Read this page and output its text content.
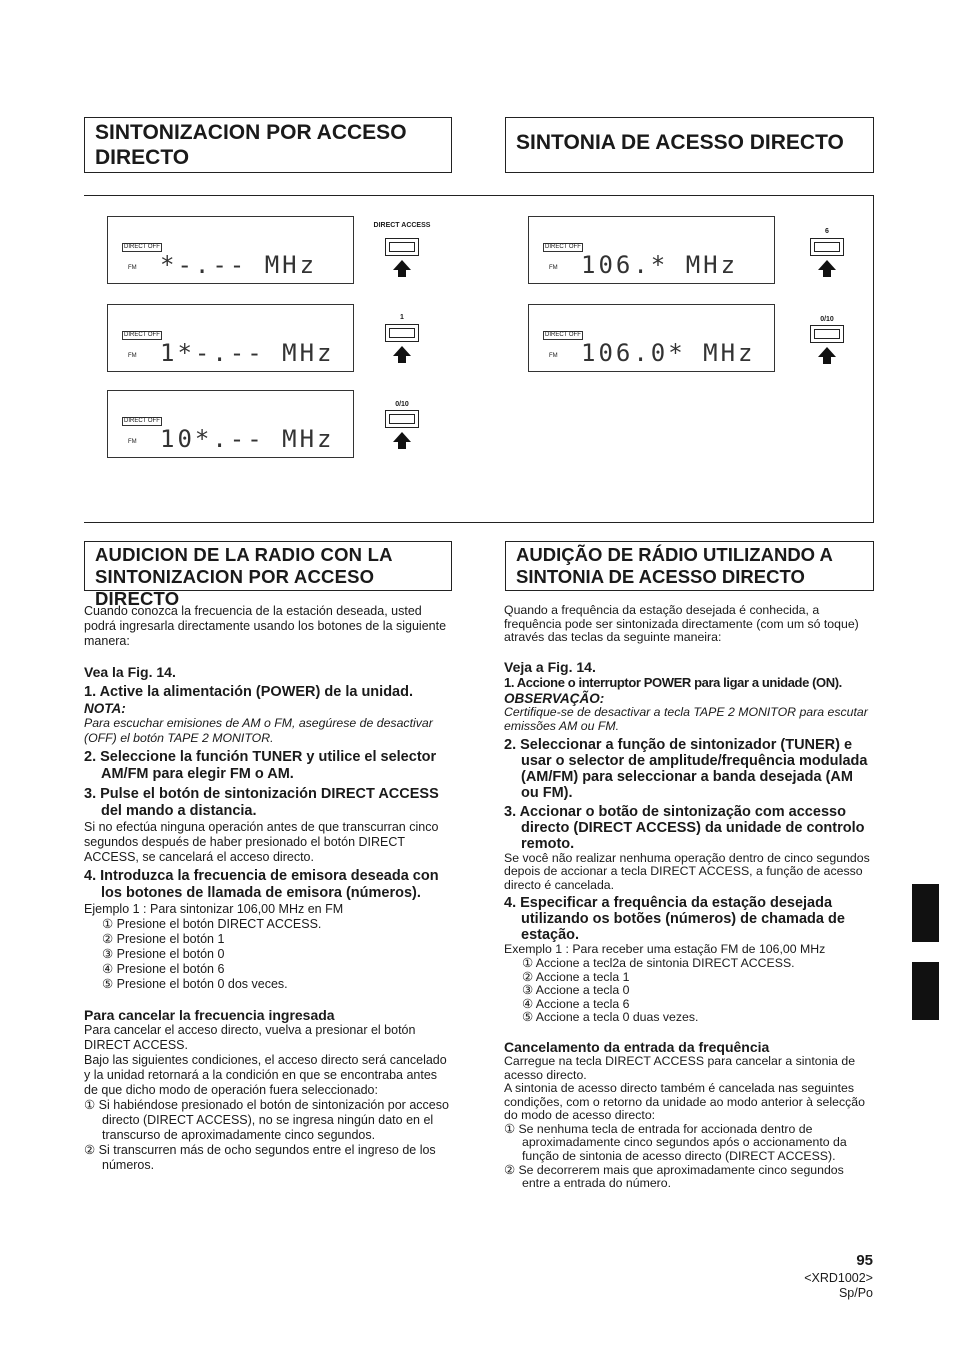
SINTONIZACION POR ACCESO DIRECTO
SINTONIA DE ACESSO DIRECTO
DIRECT OFF
FM *-.-- MHz
DIRECT ACCESS
DIRECT OFF
FM 1*-.-- MHz
1
DIRECT OFF
FM 10*.-- MHz
0/10
DIRECT OFF
FM 106.* MHz
6
DIRECT OFF
FM 106.0* MHz
0/10
AUDICION DE LA RADIO CON LA SINTONIZACION POR ACCESO DIRECTO
AUDIÇÃO DE RÁDIO UTILIZANDO A SINTONIA DE ACESSO DIRECTO

Cuando conozca la frecuencia de la estación deseada, usted podrá ingresarla directamente usando los botones de la siguiente manera:

Vea la Fig. 14.

1. Active la alimentación (POWER) de la unidad.

NOTA:

Para escuchar emisiones de AM o FM, asegúrese de desactivar (OFF) el botón TAPE 2 MONITOR.

2. Seleccione la función TUNER y utilice el selector AM/FM para elegir FM o AM.

3. Pulse el botón de sintonización DIRECT ACCESS del mando a distancia.

Si no efectúa ninguna operación antes de que transcurran cinco segundos después de haber presionado el botón DIRECT ACCESS, se cancelará el acceso directo.

4. Introduzca la frecuencia de emisora deseada con los botones de llamada de emisora (números).

Ejemplo 1 : Para sintonizar 106,00 MHz en FM

① Presione el botón DIRECT ACCESS.

② Presione el botón 1

③ Presione el botón 0

④ Presione el botón 6

⑤ Presione el botón 0 dos veces.

Para cancelar la frecuencia ingresada

Para cancelar el acceso directo, vuelva a presionar el botón DIRECT ACCESS.

Bajo las siguientes condiciones, el acceso directo será cancelado y la unidad retornará a la condición en que se encontraba antes de que dicho modo de operación fuera seleccionado:

① Si habiéndose presionado el botón de sintonización por acceso directo (DIRECT ACCESS), no se ingresa ningún dato en el transcurso de aproximadamente cinco segundos.

② Si transcurren más de ocho segundos entre el ingreso de los números.

Quando a frequência da estação desejada é conhecida, a frequência pode ser sintonizada directamente (com um só toque) através das teclas da seguinte maneira:

Veja a Fig. 14.

1. Accione o interruptor POWER para ligar a unidade (ON).

OBSERVAÇÃO:

Certifique-se de desactivar a tecla TAPE 2 MONITOR para escutar emissões AM ou FM.

2. Seleccionar a função de sintonizador (TUNER) e usar o selector de amplitude/frequência modulada (AM/FM) para seleccionar a banda desejada (AM ou FM).

3. Accionar o botão de sintonização com accesso directo (DIRECT ACCESS) da unidade de controlo remoto.

Se você não realizar nenhuma operação dentro de cinco segundos depois de accionar a tecla DIRECT ACCESS, a função de acesso directo é cancelada.

4. Especificar a frequência da estação desejada utilizando os botões (números) de chamada de estação.

Exemplo 1 : Para receber uma estação FM de 106,00 MHz

① Accione a tecl2a de sintonia DIRECT ACCESS.

② Accione a tecla 1

③ Accione a tecla 0

④ Accione a tecla 6

⑤ Accione a tecla 0 duas vezes.

Cancelamento da entrada da frequência

Carregue na tecla DIRECT ACCESS para cancelar a sintonia de acesso directo.

A sintonia de acesso directo também é cancelada nas seguintes condições, com o retorno da unidade ao modo anterior à selecção do modo de acesso directo:

① Se nenhuma tecla de entrada for accionada dentro de aproximadamente cinco segundos após o accionamento da função de sintonia de acesso directo (DIRECT ACCESS).

② Se decorrerem mais que aproximadamente cinco segundos entre a entrada do número.

95
<XRD1002>
Sp/Po
